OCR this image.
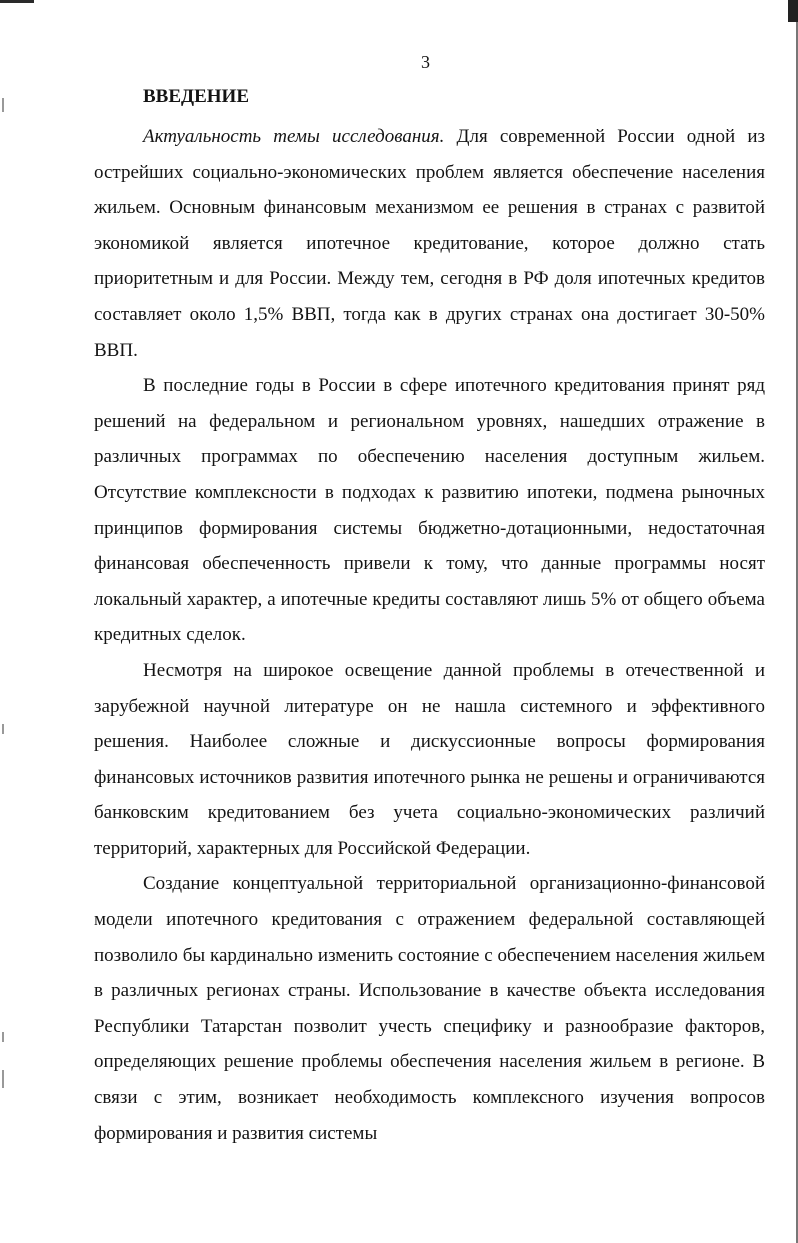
3
ВВЕДЕНИЕ

Актуальность темы исследования. Для современной России одной из острейших социально-экономических проблем является обеспечение населения жильем. Основным финансовым механизмом ее решения в странах с развитой экономикой является ипотечное кредитование, которое должно стать приоритетным и для России. Между тем, сегодня в РФ доля ипотечных кредитов составляет около 1,5% ВВП, тогда как в других странах она достигает 30-50% ВВП.

В последние годы в России в сфере ипотечного кредитования принят ряд решений на федеральном и региональном уровнях, нашедших отражение в различных программах по обеспечению населения доступным жильем. Отсутствие комплексности в подходах к развитию ипотеки, подмена рыночных принципов формирования системы бюджетно-дотационными, недостаточная финансовая обеспеченность привели к тому, что данные программы носят локальный характер, а ипотечные кредиты составляют лишь 5% от общего объема кредитных сделок.

Несмотря на широкое освещение данной проблемы в отечественной и зарубежной научной литературе он не нашла системного и эффективного решения. Наиболее сложные и дискуссионные вопросы формирования финансовых источников развития ипотечного рынка не решены и ограничиваются банковским кредитованием без учета социально-экономических различий территорий, характерных для Российской Федерации.

Создание концептуальной территориальной организационно-финансовой модели ипотечного кредитования с отражением федеральной составляющей позволило бы кардинально изменить состояние с обеспечением населения жильем в различных регионах страны. Использование в качестве объекта исследования Республики Татарстан позволит учесть специфику и разнообразие факторов, определяющих решение проблемы обеспечения населения жильем в регионе. В связи с этим, возникает необходимость комплексного изучения вопросов формирования и развития системы
